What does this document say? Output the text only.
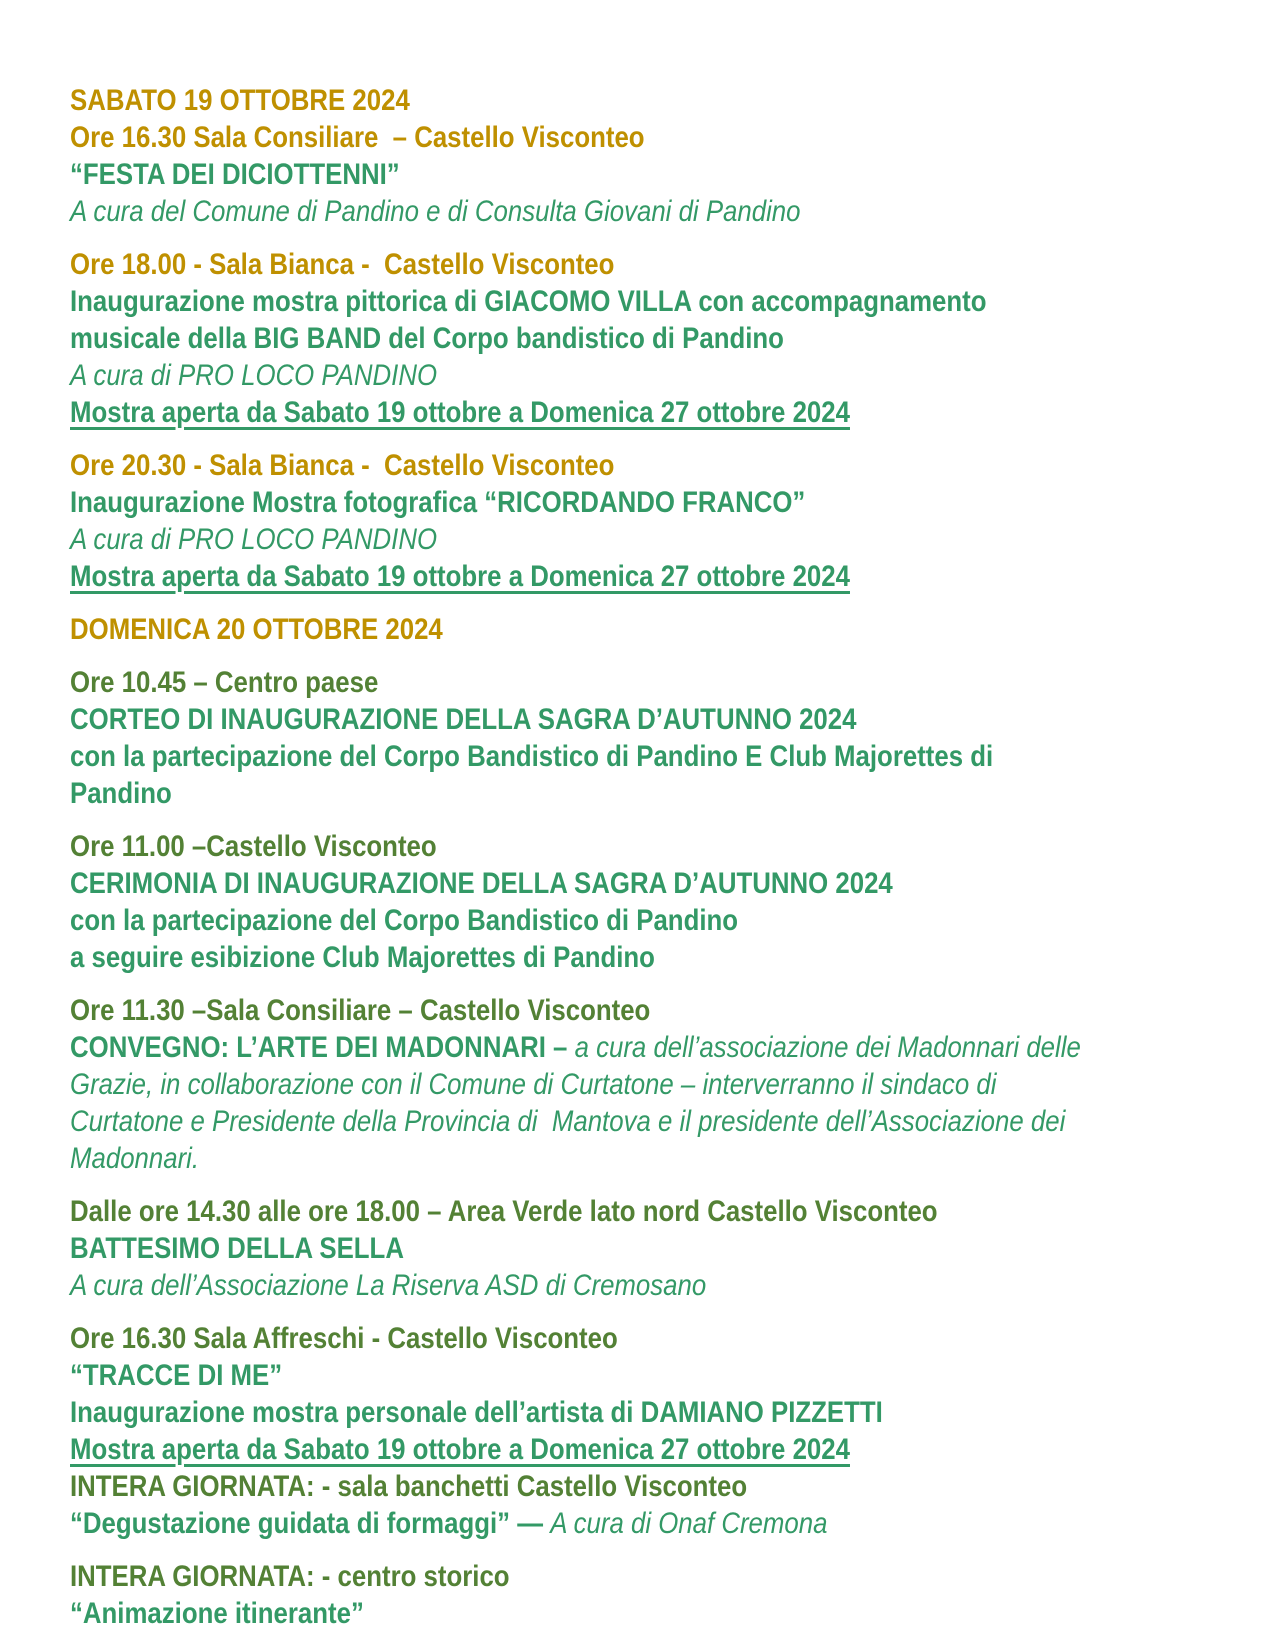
SABATO 19 OTTOBRE 2024
Ore 16.30 Sala Consiliare  – Castello Visconteo
“FESTA DEI DICIOTTENNI”
A cura del Comune di Pandino e di Consulta Giovani di Pandino
Ore 18.00 - Sala Bianca -  Castello Visconteo
Inaugurazione mostra pittorica di GIACOMO VILLA con accompagnamento
musicale della BIG BAND del Corpo bandistico di Pandino
A cura di PRO LOCO PANDINO
Mostra aperta da Sabato 19 ottobre a Domenica 27 ottobre 2024
Ore 20.30 - Sala Bianca -  Castello Visconteo
Inaugurazione Mostra fotografica “RICORDANDO FRANCO”
A cura di PRO LOCO PANDINO
Mostra aperta da Sabato 19 ottobre a Domenica 27 ottobre 2024
DOMENICA 20 OTTOBRE 2024
Ore 10.45 – Centro paese
CORTEO DI INAUGURAZIONE DELLA SAGRA D’AUTUNNO 2024
con la partecipazione del Corpo Bandistico di Pandino E Club Majorettes di
Pandino
Ore 11.00 –Castello Visconteo
CERIMONIA DI INAUGURAZIONE DELLA SAGRA D’AUTUNNO 2024
con la partecipazione del Corpo Bandistico di Pandino
a seguire esibizione Club Majorettes di Pandino
Ore 11.30 –Sala Consiliare – Castello Visconteo
CONVEGNO: L’ARTE DEI MADONNARI – a cura dell’associazione dei Madonnari delle
Grazie, in collaborazione con il Comune di Curtatone – interverranno il sindaco di
Curtatone e Presidente della Provincia di  Mantova e il presidente dell’Associazione dei
Madonnari.
Dalle ore 14.30 alle ore 18.00 – Area Verde lato nord Castello Visconteo
BATTESIMO DELLA SELLA
A cura dell’Associazione La Riserva ASD di Cremosano
Ore 16.30 Sala Affreschi - Castello Visconteo
“TRACCE DI ME”
Inaugurazione mostra personale dell’artista di DAMIANO PIZZETTI
Mostra aperta da Sabato 19 ottobre a Domenica 27 ottobre 2024
INTERA GIORNATA: - sala banchetti Castello Visconteo
“Degustazione guidata di formaggi” — A cura di Onaf Cremona
INTERA GIORNATA: - centro storico
“Animazione itinerante”
